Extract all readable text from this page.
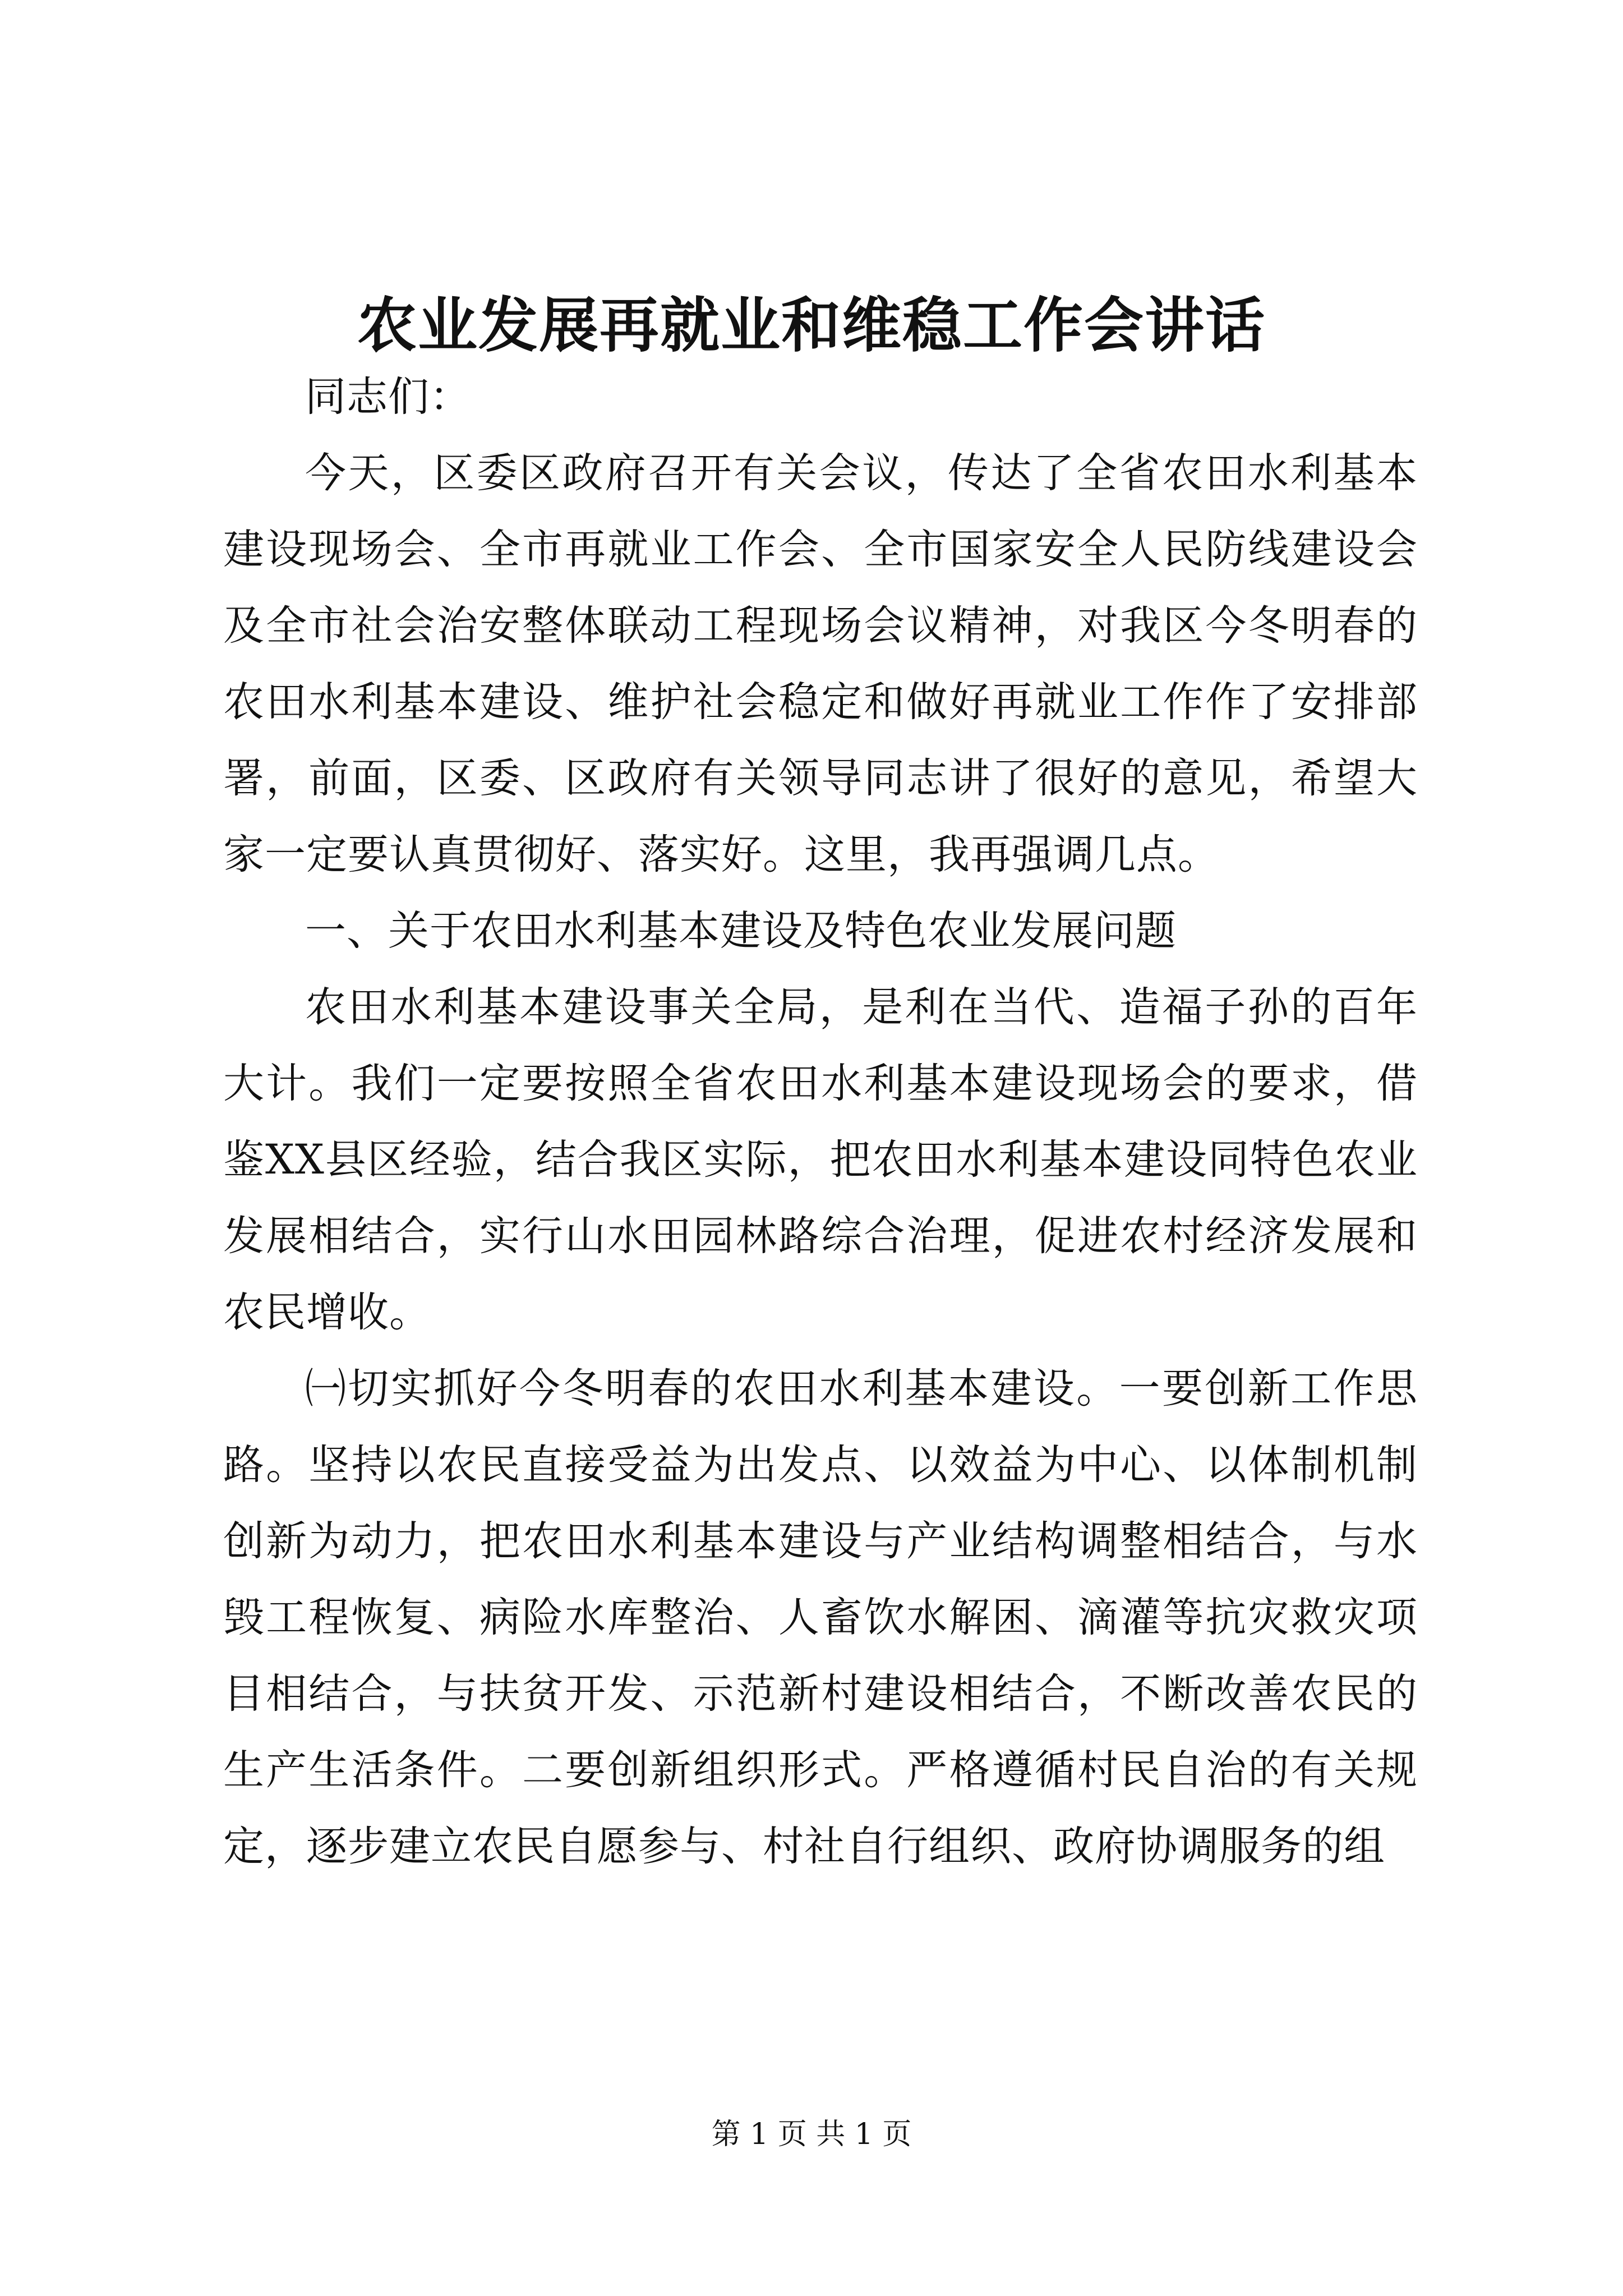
农业发展再就业和维稳工作会讲话

同志们：

今天，区委区政府召开有关会议，传达了全省农田水利基本建设现场会、全市再就业工作会、全市国家安全人民防线建设会及全市社会治安整体联动工程现场会议精神，对我区今冬明春的农田水利基本建设、维护社会稳定和做好再就业工作作了安排部署，前面，区委、区政府有关领导同志讲了很好的意见，希望大家一定要认真贯彻好、落实好。这里，我再强调几点。

一、关于农田水利基本建设及特色农业发展问题

农田水利基本建设事关全局，是利在当代、造福子孙的百年大计。我们一定要按照全省农田水利基本建设现场会的要求，借鉴XX县区经验，结合我区实际，把农田水利基本建设同特色农业发展相结合，实行山水田园林路综合治理，促进农村经济发展和农民增收。

㈠切实抓好今冬明春的农田水利基本建设。一要创新工作思路。坚持以农民直接受益为出发点、以效益为中心、以体制机制创新为动力，把农田水利基本建设与产业结构调整相结合，与水毁工程恢复、病险水库整治、人畜饮水解困、滴灌等抗灾救灾项目相结合，与扶贫开发、示范新村建设相结合，不断改善农民的生产生活条件。二要创新组织形式。严格遵循村民自治的有关规定，逐步建立农民自愿参与、村社自行组织、政府协调服务的组

第 1 页 共 1 页
